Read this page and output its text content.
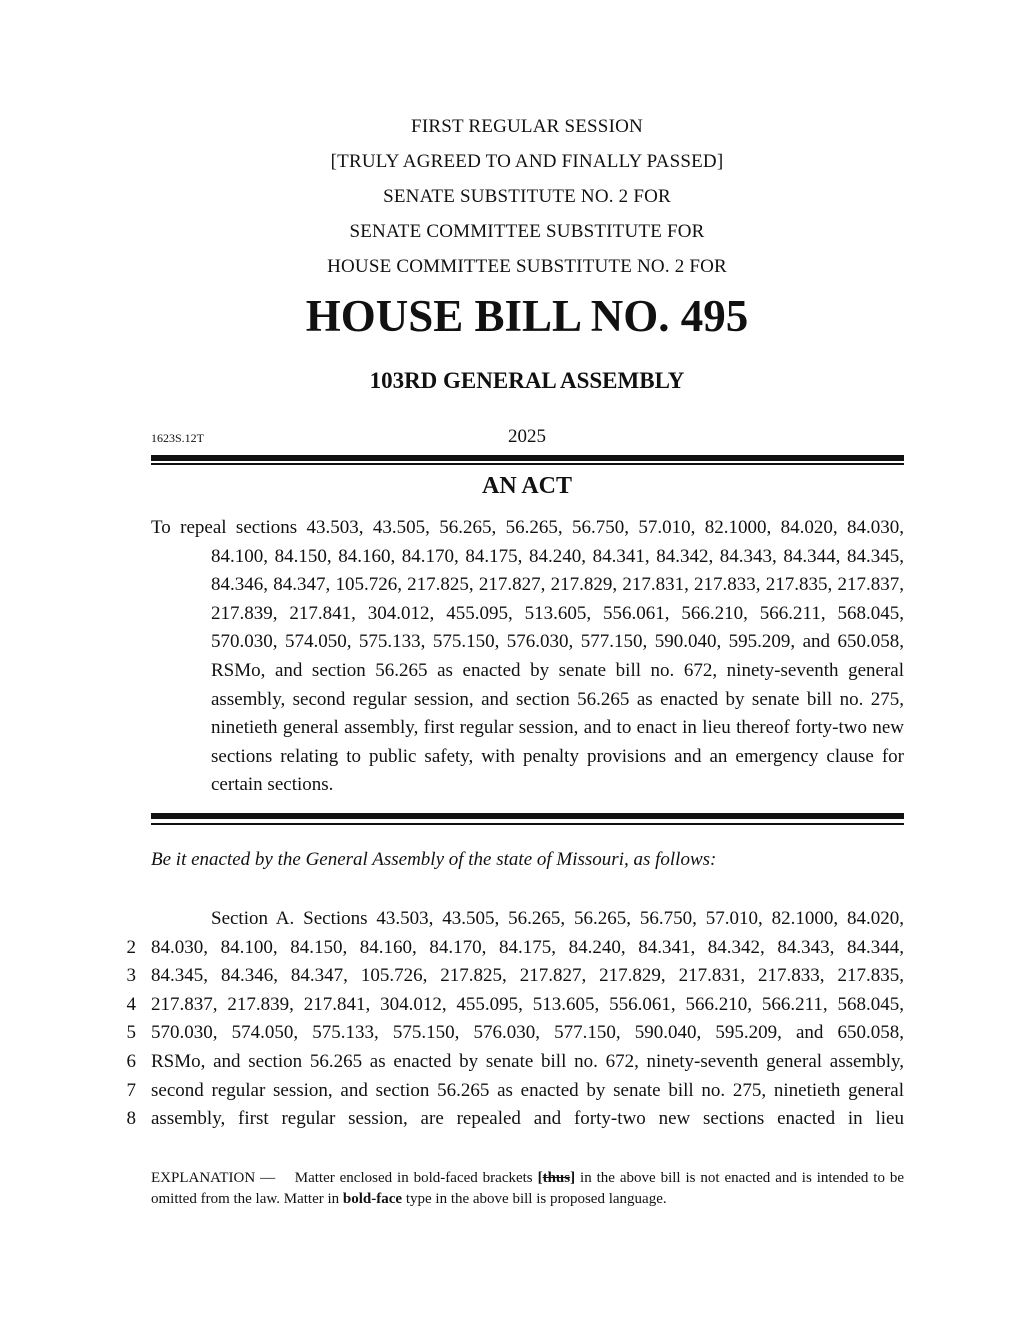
FIRST REGULAR SESSION
[TRULY AGREED TO AND FINALLY PASSED]
SENATE SUBSTITUTE NO. 2 FOR
SENATE COMMITTEE SUBSTITUTE FOR
HOUSE COMMITTEE SUBSTITUTE NO. 2 FOR
HOUSE BILL NO. 495
103RD GENERAL ASSEMBLY
1623S.12T	2025
AN ACT
To repeal sections 43.503, 43.505, 56.265, 56.265, 56.750, 57.010, 82.1000, 84.020, 84.030, 84.100, 84.150, 84.160, 84.170, 84.175, 84.240, 84.341, 84.342, 84.343, 84.344, 84.345, 84.346, 84.347, 105.726, 217.825, 217.827, 217.829, 217.831, 217.833, 217.835, 217.837, 217.839, 217.841, 304.012, 455.095, 513.605, 556.061, 566.210, 566.211, 568.045, 570.030, 574.050, 575.133, 575.150, 576.030, 577.150, 590.040, 595.209, and 650.058, RSMo, and section 56.265 as enacted by senate bill no. 672, ninety-seventh general assembly, second regular session, and section 56.265 as enacted by senate bill no. 275, ninetieth general assembly, first regular session, and to enact in lieu thereof forty-two new sections relating to public safety, with penalty provisions and an emergency clause for certain sections.
Be it enacted by the General Assembly of the state of Missouri, as follows:
Section A. Sections 43.503, 43.505, 56.265, 56.265, 56.750, 57.010, 82.1000, 84.020,
2 84.030, 84.100, 84.150, 84.160, 84.170, 84.175, 84.240, 84.341, 84.342, 84.343, 84.344,
3 84.345, 84.346, 84.347, 105.726, 217.825, 217.827, 217.829, 217.831, 217.833, 217.835,
4 217.837, 217.839, 217.841, 304.012, 455.095, 513.605, 556.061, 566.210, 566.211, 568.045,
5 570.030, 574.050, 575.133, 575.150, 576.030, 577.150, 590.040, 595.209, and 650.058,
6 RSMo, and section 56.265 as enacted by senate bill no. 672, ninety-seventh general assembly,
7 second regular session, and section 56.265 as enacted by senate bill no. 275, ninetieth general
8 assembly, first regular session, are repealed and forty-two new sections enacted in lieu
EXPLANATION — Matter enclosed in bold-faced brackets [thus] in the above bill is not enacted and is intended to be omitted from the law. Matter in bold-face type in the above bill is proposed language.
